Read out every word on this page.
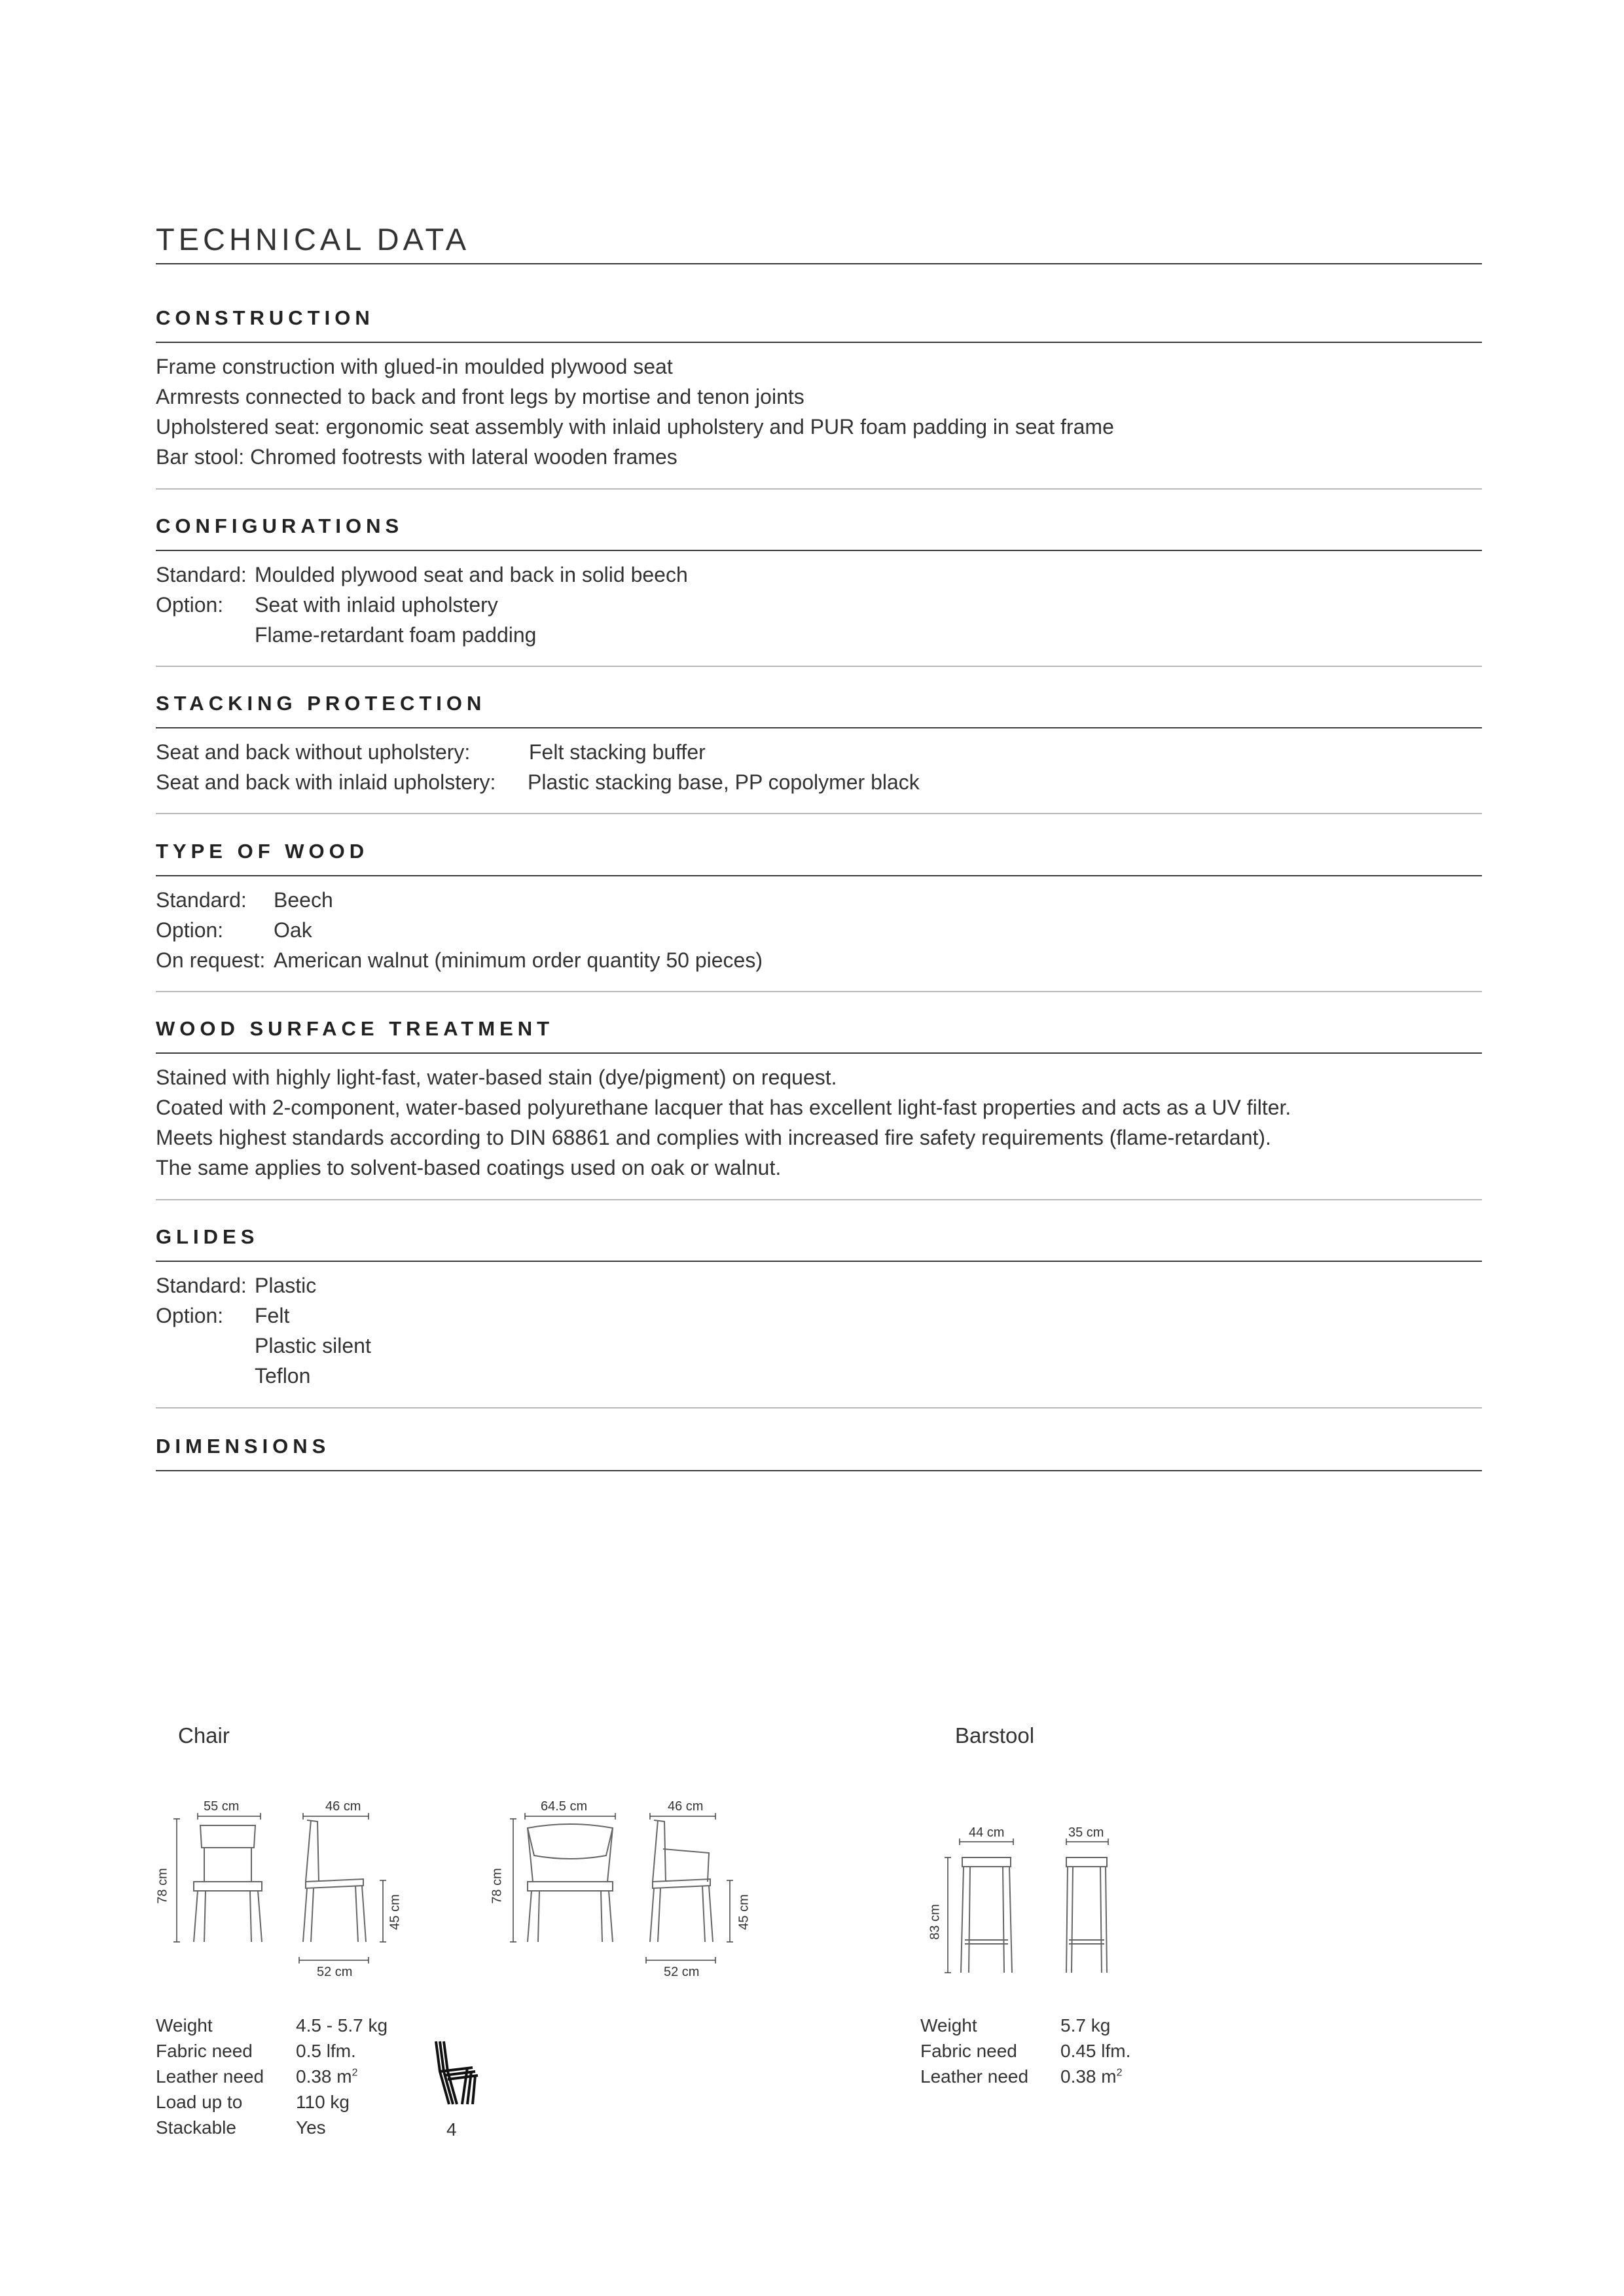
TECHNICAL DATA
CONSTRUCTION
Frame construction with glued-in moulded plywood seat
Armrests connected to back and front legs by mortise and tenon joints
Upholstered seat: ergonomic seat assembly with inlaid upholstery and PUR foam padding in seat frame
Bar stool: Chromed footrests with lateral wooden frames
CONFIGURATIONS
Standard: Moulded plywood seat and back in solid beech
Option: Seat with inlaid upholstery
Flame-retardant foam padding
STACKING PROTECTION
Seat and back without upholstery:	Felt stacking buffer
Seat and back with inlaid upholstery: Plastic stacking base, PP copolymer black
TYPE OF WOOD
Standard: Beech
Option: Oak
On request: American walnut (minimum order quantity 50 pieces)
WOOD SURFACE TREATMENT
Stained with highly light-fast, water-based stain (dye/pigment) on request.
Coated with 2-component, water-based polyurethane lacquer that has excellent light-fast properties and acts as a UV filter.
Meets highest standards according to DIN 68861 and complies with increased fire safety requirements (flame-retardant).
The same applies to solvent-based coatings used on oak or walnut.
GLIDES
Standard: Plastic
Option: Felt
Plastic silent
Teflon
DIMENSIONS
Chair	Barstool
55 cm
78 cm
46 cm
45 cm
52 cm
64.5 cm
78 cm
46 cm
45 cm
52 cm
44 cm
83 cm
35 cm
Weight	4.5 - 5.7 kg
Fabric need	0.5 lfm.
Leather need	0.38 $m^2$
Load up to	110 kg
Stackable	Yes	4
Weight	5.7 kg
Fabric need	0.45 lfm.
Leather need	0.38 $m^2$
